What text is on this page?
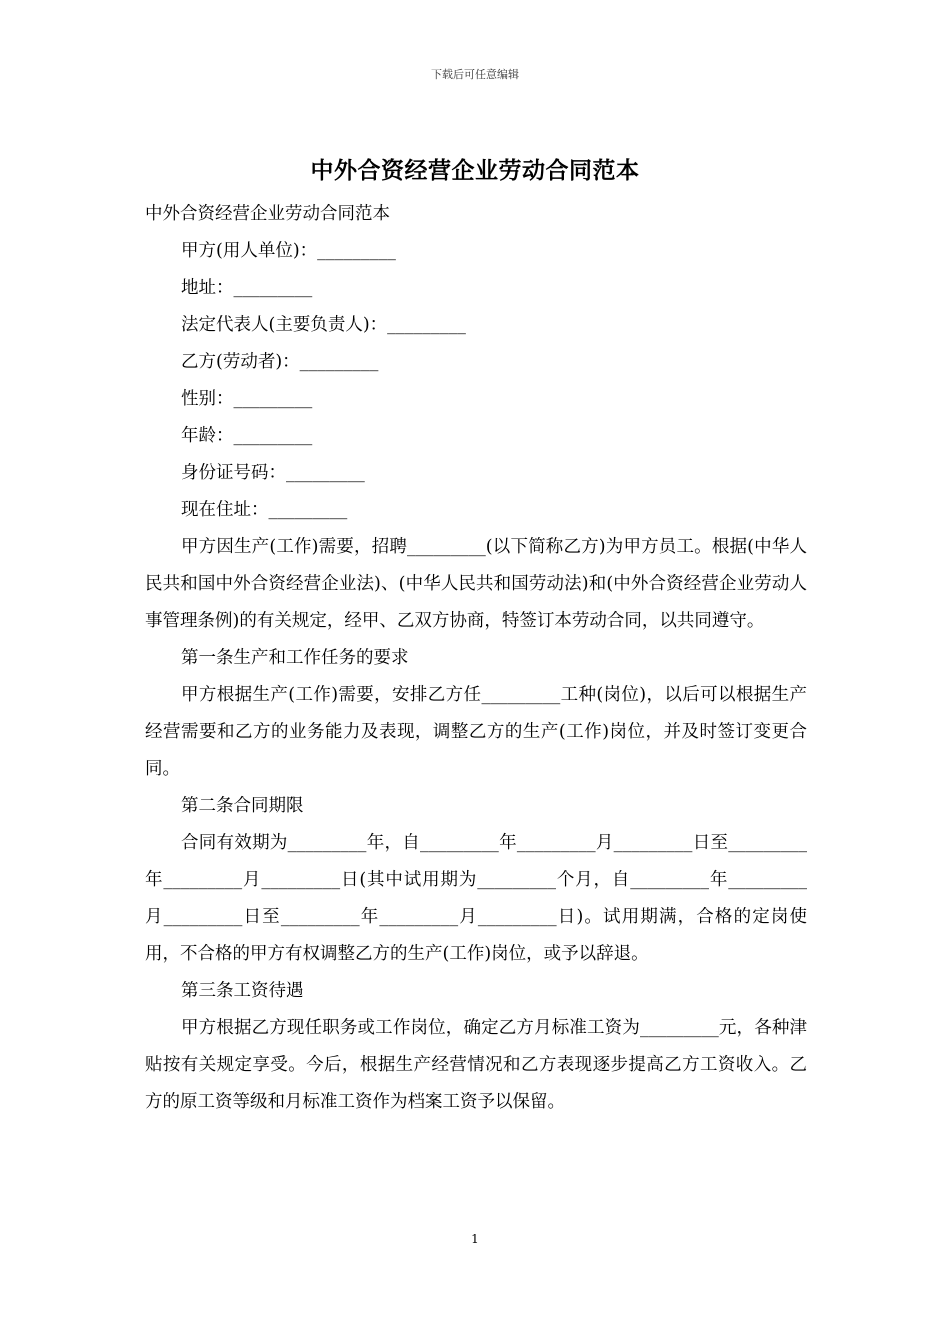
下载后可任意编辑
中外合资经营企业劳动合同范本

中外合资经营企业劳动合同范本

甲方(用人单位)：_________

地址：_________

法定代表人(主要负责人)：_________

乙方(劳动者)：_________

性别：_________

年龄：_________

身份证号码：_________

现在住址：_________

甲方因生产(工作)需要，招聘_________(以下简称乙方)为甲方员工。根据(中华人民共和国中外合资经营企业法)、(中华人民共和国劳动法)和(中外合资经营企业劳动人事管理条例)的有关规定，经甲、乙双方协商，特签订本劳动合同，以共同遵守。

第一条生产和工作任务的要求

甲方根据生产(工作)需要，安排乙方任_________工种(岗位)，以后可以根据生产经营需要和乙方的业务能力及表现，调整乙方的生产(工作)岗位，并及时签订变更合同。

第二条合同期限

合同有效期为_________年，自_________年_________月_________日至_________年_________月_________日(其中试用期为_________个月，自_________年_________月_________日至_________年_________月_________日)。试用期满，合格的定岗使用，不合格的甲方有权调整乙方的生产(工作)岗位，或予以辞退。

第三条工资待遇

甲方根据乙方现任职务或工作岗位，确定乙方月标准工资为_________元，各种津贴按有关规定享受。今后，根据生产经营情况和乙方表现逐步提高乙方工资收入。乙方的原工资等级和月标准工资作为档案工资予以保留。

1
